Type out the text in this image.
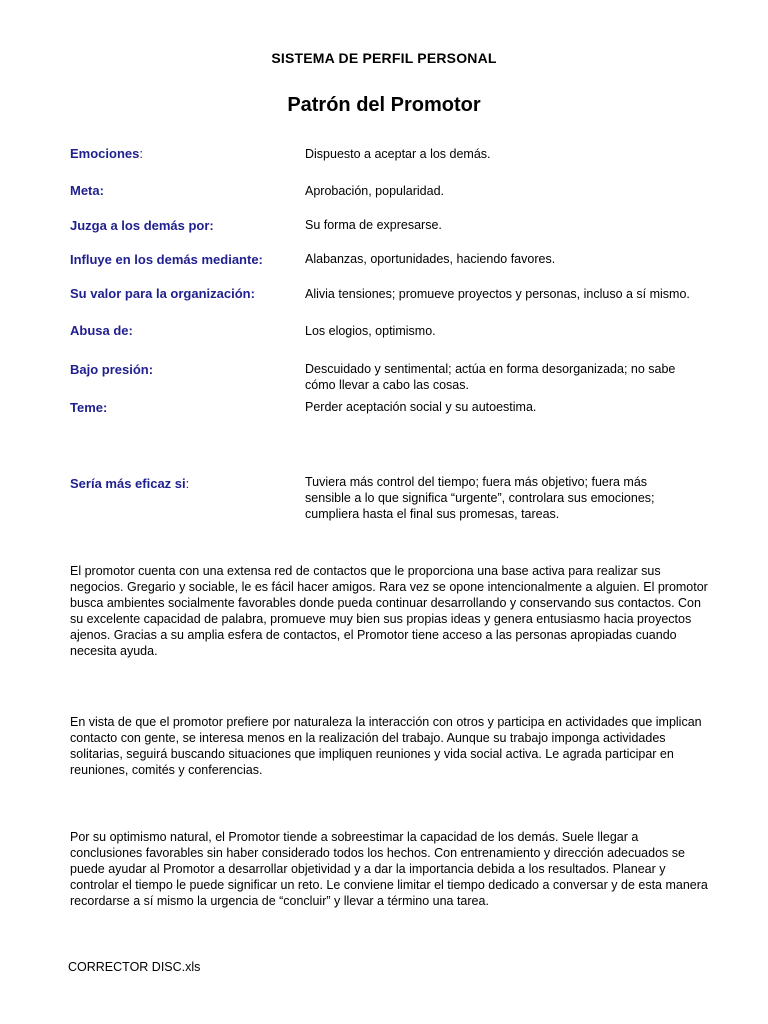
SISTEMA DE PERFIL PERSONAL
Patrón del Promotor
Emociones:	Dispuesto a aceptar a los demás.
Meta:	Aprobación, popularidad.
Juzga a los demás por:	Su forma de expresarse.
Influye en los demás mediante:	Alabanzas, oportunidades, haciendo favores.
Su valor para la organización:	Alivia tensiones; promueve proyectos y personas, incluso a sí mismo.
Abusa de:	Los elogios, optimismo.
Bajo presión:	Descuidado y sentimental; actúa en forma desorganizada; no sabe cómo llevar a cabo las cosas.
Teme:	Perder aceptación social y su autoestima.
Sería más eficaz si:	Tuviera más control del tiempo; fuera más objetivo; fuera más sensible a lo que significa “urgente”, controlara sus emociones; cumpliera hasta el final sus promesas, tareas.
El promotor cuenta con una extensa red de contactos que le proporciona una base activa para realizar sus negocios. Gregario y sociable, le es fácil hacer amigos. Rara vez se opone intencionalmente a alguien. El promotor busca ambientes socialmente favorables donde pueda continuar desarrollando y conservando sus contactos. Con su excelente capacidad de palabra, promueve muy bien sus propias ideas y genera entusiasmo hacia proyectos ajenos. Gracias a su amplia esfera de contactos, el Promotor tiene acceso a las personas apropiadas cuando necesita ayuda.
En vista de que el promotor prefiere por naturaleza la interacción con otros y participa en actividades que implican contacto con gente, se interesa menos en la realización del trabajo. Aunque su trabajo imponga actividades solitarias, seguirá buscando situaciones que impliquen reuniones y vida social activa. Le agrada participar en reuniones, comités y conferencias.
Por su optimismo natural, el Promotor tiende a sobreestimar la capacidad de los demás. Suele llegar a conclusiones favorables sin haber considerado todos los hechos. Con entrenamiento y dirección adecuados se puede ayudar al Promotor a desarrollar objetividad y a dar la importancia debida a los resultados. Planear y controlar el tiempo le puede significar un reto. Le conviene limitar el tiempo dedicado a conversar y de esta manera recordarse a sí mismo la urgencia de “concluir” y llevar a término una tarea.
CORRECTOR DISC.xls
